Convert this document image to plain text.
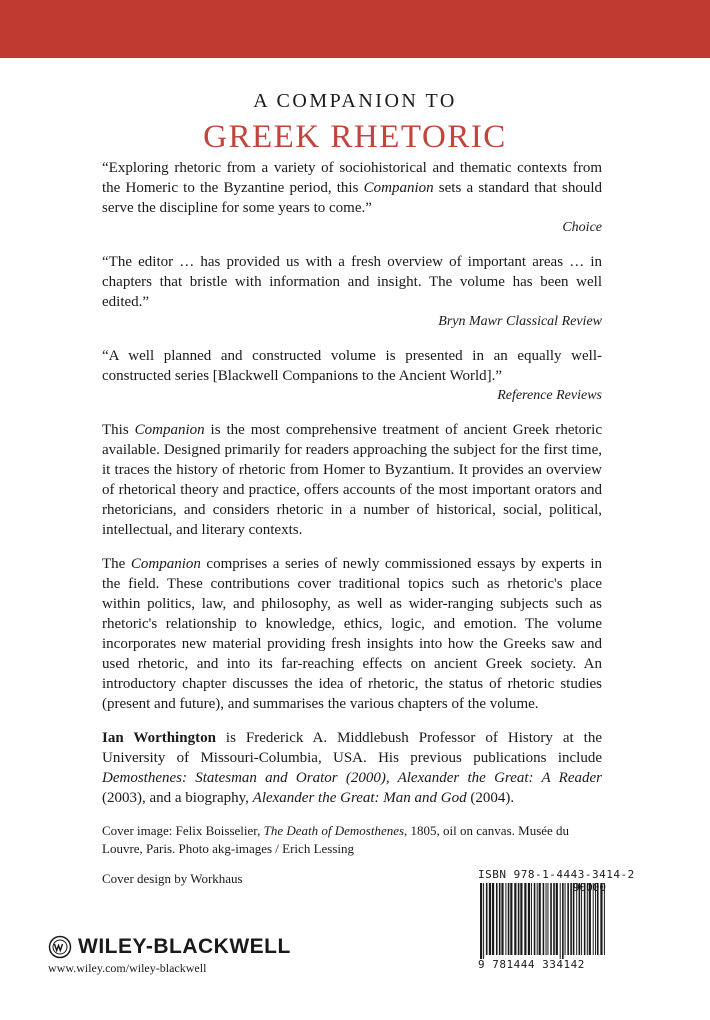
A COMPANION TO
GREEK RHETORIC

“Exploring rhetoric from a variety of sociohistorical and thematic contexts from the Homeric to the Byzantine period, this Companion sets a standard that should serve the discipline for some years to come.”

Choice

“The editor … has provided us with a fresh overview of important areas … in chapters that bristle with information and insight. The volume has been well edited.”

Bryn Mawr Classical Review

“A well planned and constructed volume is presented in an equally well-constructed series [Blackwell Companions to the Ancient World].”

Reference Reviews

This Companion is the most comprehensive treatment of ancient Greek rhetoric available. Designed primarily for readers approaching the subject for the first time, it traces the history of rhetoric from Homer to Byzantium. It provides an overview of rhetorical theory and practice, offers accounts of the most important orators and rhetoricians, and considers rhetoric in a number of historical, social, political, intellectual, and literary contexts.

The Companion comprises a series of newly commissioned essays by experts in the field. These contributions cover traditional topics such as rhetoric's place within politics, law, and philosophy, as well as wider-ranging subjects such as rhetoric's relationship to knowledge, ethics, logic, and emotion. The volume incorporates new material providing fresh insights into how the Greeks saw and used rhetoric, and into its far-reaching effects on ancient Greek society. An introductory chapter discusses the idea of rhetoric, the status of rhetoric studies (present and future), and summarises the various chapters of the volume.

Ian Worthington is Frederick A. Middlebush Professor of History at the University of Missouri-Columbia, USA. His previous publications include Demosthenes: Statesman and Orator (2000), Alexander the Great: A Reader (2003), and a biography, Alexander the Great: Man and God (2004).

Cover image: Felix Boisselier, The Death of Demosthenes, 1805, oil on canvas. Musée du Louvre, Paris. Photo akg-images / Erich Lessing

Cover design by Workhaus	ISBN 978-1-4443-3414-2
90000
9 781444 334142
WILEY-BLACKWELL
www.wiley.com/wiley-blackwell
